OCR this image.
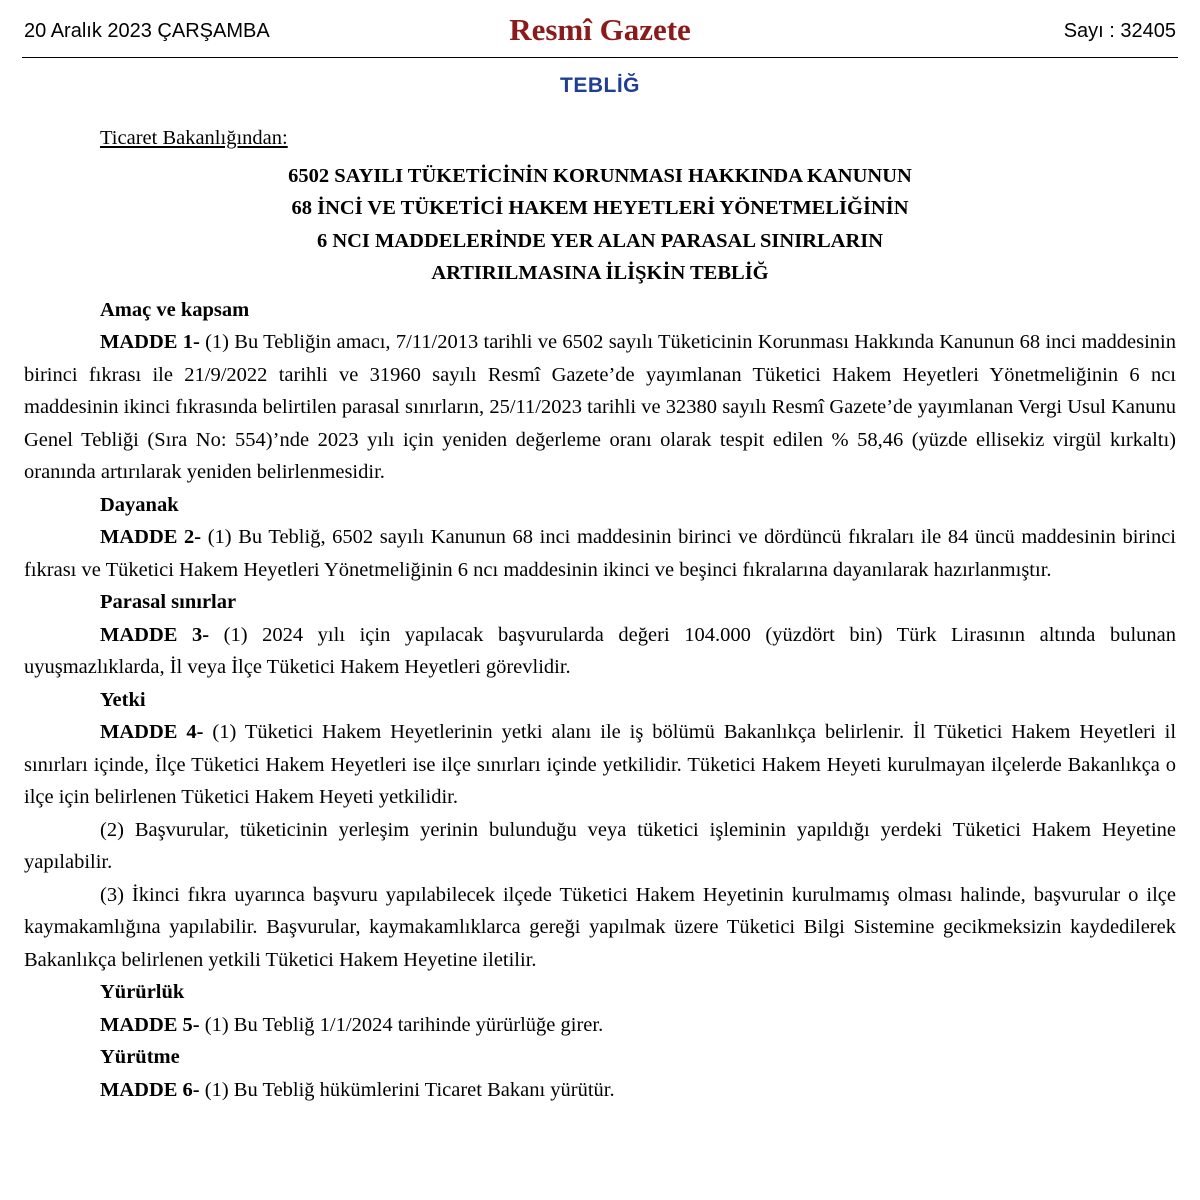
20 Aralık 2023 ÇARŞAMBA	Resmî Gazete	Sayı : 32405
TEBLİĞ
Ticaret Bakanlığından:
6502 SAYILI TÜKETİCİNİN KORUNMASI HAKKINDA KANUNUN
68 İNCİ VE TÜKETİCİ HAKEM HEYETLERİ YÖNETMELİĞİNİN
6 NCI MADDELERİNDE YER ALAN PARASAL SINIRLARIN
ARTIRILMASINA İLİŞKİN TEBLİĞ
Amaç ve kapsam
MADDE 1- (1) Bu Tebliğin amacı, 7/11/2013 tarihli ve 6502 sayılı Tüketicinin Korunması Hakkında Kanunun 68 inci maddesinin birinci fıkrası ile 21/9/2022 tarihli ve 31960 sayılı Resmî Gazete’de yayımlanan Tüketici Hakem Heyetleri Yönetmeliğinin 6 ncı maddesinin ikinci fıkrasında belirtilen parasal sınırların, 25/11/2023 tarihli ve 32380 sayılı Resmî Gazete’de yayımlanan Vergi Usul Kanunu Genel Tebliği (Sıra No: 554)’nde 2023 yılı için yeniden değerleme oranı olarak tespit edilen % 58,46 (yüzde ellisekiz virgül kırkaltı) oranında artırılarak yeniden belirlenmesidir.
Dayanak
MADDE 2- (1) Bu Tebliğ, 6502 sayılı Kanunun 68 inci maddesinin birinci ve dördüncü fıkraları ile 84 üncü maddesinin birinci fıkrası ve Tüketici Hakem Heyetleri Yönetmeliğinin 6 ncı maddesinin ikinci ve beşinci fıkralarına dayanılarak hazırlanmıştır.
Parasal sınırlar
MADDE 3- (1) 2024 yılı için yapılacak başvurularda değeri 104.000 (yüzdört bin) Türk Lirasının altında bulunan uyuşmazlıklarda, İl veya İlçe Tüketici Hakem Heyetleri görevlidir.
Yetki
MADDE 4- (1) Tüketici Hakem Heyetlerinin yetki alanı ile iş bölümü Bakanlıkça belirlenir. İl Tüketici Hakem Heyetleri il sınırları içinde, İlçe Tüketici Hakem Heyetleri ise ilçe sınırları içinde yetkilidir. Tüketici Hakem Heyeti kurulmayan ilçelerde Bakanlıkça o ilçe için belirlenen Tüketici Hakem Heyeti yetkilidir.
(2) Başvurular, tüketicinin yerleşim yerinin bulunduğu veya tüketici işleminin yapıldığı yerdeki Tüketici Hakem Heyetine yapılabilir.
(3) İkinci fıkra uyarınca başvuru yapılabilecek ilçede Tüketici Hakem Heyetinin kurulmamış olması halinde, başvurular o ilçe kaymakamlığına yapılabilir. Başvurular, kaymakamlıklarca gereği yapılmak üzere Tüketici Bilgi Sistemine gecikmeksizin kaydedilerek Bakanlıkça belirlenen yetkili Tüketici Hakem Heyetine iletilir.
Yürürlük
MADDE 5- (1) Bu Tebliğ 1/1/2024 tarihinde yürürlüğe girer.
Yürütme
MADDE 6- (1) Bu Tebliğ hükümlerini Ticaret Bakanı yürütür.
